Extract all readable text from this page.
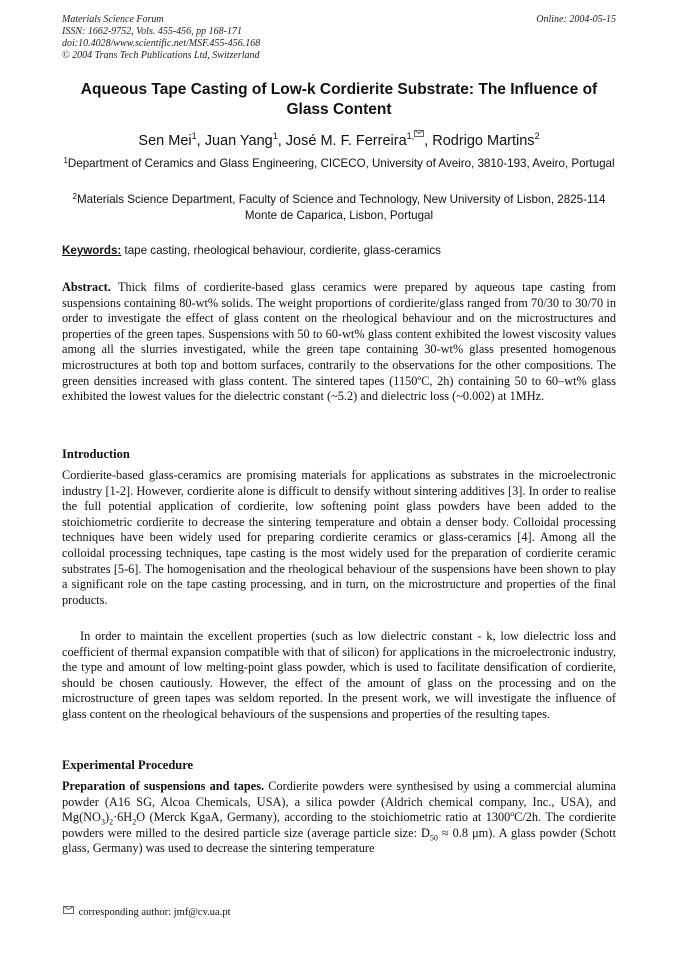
Materials Science Forum
ISSN: 1662-9752, Vols. 455-456, pp 168-171
doi:10.4028/www.scientific.net/MSF.455-456.168
© 2004 Trans Tech Publications Ltd, Switzerland
Online: 2004-05-15
Aqueous Tape Casting of Low-k Cordierite Substrate: The Influence of Glass Content
Sen Mei$^1$, Juan Yang$^1$, José M. F. Ferreira$^{1,}$ , Rodrigo Martins$^2$
$^1$Department of Ceramics and Glass Engineering, CICECO, University of Aveiro, 3810-193, Aveiro, Portugal
$^2$Materials Science Department, Faculty of Science and Technology, New University of Lisbon, 2825-114 Monte de Caparica, Lisbon, Portugal
Keywords: tape casting, rheological behaviour, cordierite, glass-ceramics
Abstract. Thick films of cordierite-based glass ceramics were prepared by aqueous tape casting from suspensions containing 80-wt% solids. The weight proportions of cordierite/glass ranged from 70/30 to 30/70 in order to investigate the effect of glass content on the rheological behaviour and on the microstructures and properties of the green tapes. Suspensions with 50 to 60-wt% glass content exhibited the lowest viscosity values among all the slurries investigated, while the green tape containing 30-wt% glass presented homogenous microstructures at both top and bottom surfaces, contrarily to the observations for the other compositions. The green densities increased with glass content. The sintered tapes (1150ºC, 2h) containing 50 to 60–wt% glass exhibited the lowest values for the dielectric constant (~5.2) and dielectric loss (~0.002) at 1MHz.
Introduction
Cordierite-based glass-ceramics are promising materials for applications as substrates in the microelectronic industry [1-2]. However, cordierite alone is difficult to densify without sintering additives [3]. In order to realise the full potential application of cordierite, low softening point glass powders have been added to the stoichiometric cordierite to decrease the sintering temperature and obtain a denser body. Colloidal processing techniques have been widely used for preparing cordierite ceramics or glass-ceramics [4]. Among all the colloidal processing techniques, tape casting is the most widely used for the preparation of cordierite ceramic substrates [5-6]. The homogenisation and the rheological behaviour of the suspensions have been shown to play a significant role on the tape casting processing, and in turn, on the microstructure and properties of the final products.
In order to maintain the excellent properties (such as low dielectric constant - k, low dielectric loss and coefficient of thermal expansion compatible with that of silicon) for applications in the microelectronic industry, the type and amount of low melting-point glass powder, which is used to facilitate densification of cordierite, should be chosen cautiously. However, the effect of the amount of glass on the processing and on the microstructure of green tapes was seldom reported. In the present work, we will investigate the influence of glass content on the rheological behaviours of the suspensions and properties of the resulting tapes.
Experimental Procedure
Preparation of suspensions and tapes. Cordierite powders were synthesised by using a commercial alumina powder (A16 SG, Alcoa Chemicals, USA), a silica powder (Aldrich chemical company, Inc., USA), and $Mg(NO_3)_2\cdot 6H_2O$ (Merck KgaA, Germany), according to the stoichiometric ratio at 1300ºC/2h. The cordierite powders were milled to the desired particle size (average particle size: $D_{50} \approx 0.8$ μm). A glass powder (Schott glass, Germany) was used to decrease the sintering temperature
corresponding author: jmf@cv.ua.pt
